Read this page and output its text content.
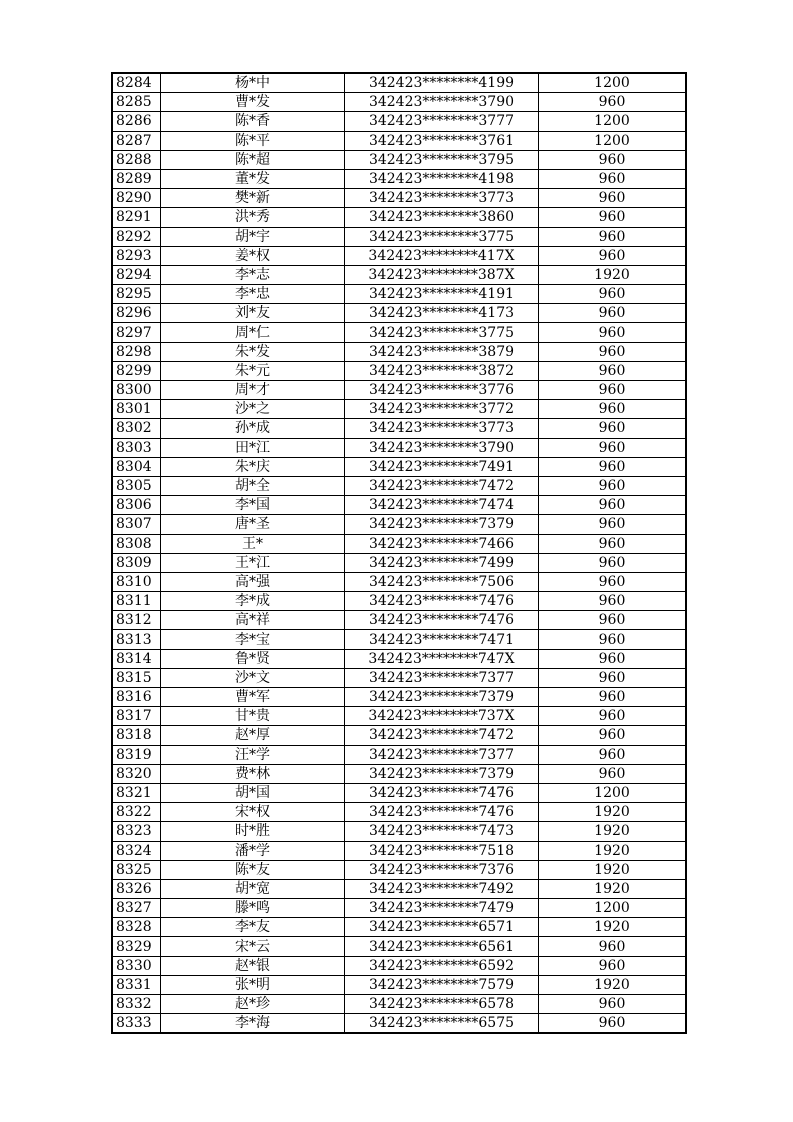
8284	杨*中	342423********4199	1200
8285	曹*发	342423********3790	960
8286	陈*香	342423********3777	1200
8287	陈*平	342423********3761	1200
8288	陈*超	342423********3795	960
8289	董*发	342423********4198	960
8290	樊*新	342423********3773	960
8291	洪*秀	342423********3860	960
8292	胡*宇	342423********3775	960
8293	姜*权	342423********417X	960
8294	李*志	342423********387X	1920
8295	李*忠	342423********4191	960
8296	刘*友	342423********4173	960
8297	周*仁	342423********3775	960
8298	朱*发	342423********3879	960
8299	朱*元	342423********3872	960
8300	周*才	342423********3776	960
8301	沙*之	342423********3772	960
8302	孙*成	342423********3773	960
8303	田*江	342423********3790	960
8304	朱*庆	342423********7491	960
8305	胡*全	342423********7472	960
8306	李*国	342423********7474	960
8307	唐*圣	342423********7379	960
8308	王*	342423********7466	960
8309	王*江	342423********7499	960
8310	高*强	342423********7506	960
8311	李*成	342423********7476	960
8312	高*祥	342423********7476	960
8313	李*宝	342423********7471	960
8314	鲁*贤	342423********747X	960
8315	沙*文	342423********7377	960
8316	曹*军	342423********7379	960
8317	甘*贵	342423********737X	960
8318	赵*厚	342423********7472	960
8319	汪*学	342423********7377	960
8320	费*林	342423********7379	960
8321	胡*国	342423********7476	1200
8322	宋*权	342423********7476	1920
8323	时*胜	342423********7473	1920
8324	潘*学	342423********7518	1920
8325	陈*友	342423********7376	1920
8326	胡*宽	342423********7492	1920
8327	滕*鸣	342423********7479	1200
8328	李*友	342423********6571	1920
8329	宋*云	342423********6561	960
8330	赵*银	342423********6592	960
8331	张*明	342423********7579	1920
8332	赵*珍	342423********6578	960
8333	李*海	342423********6575	960
